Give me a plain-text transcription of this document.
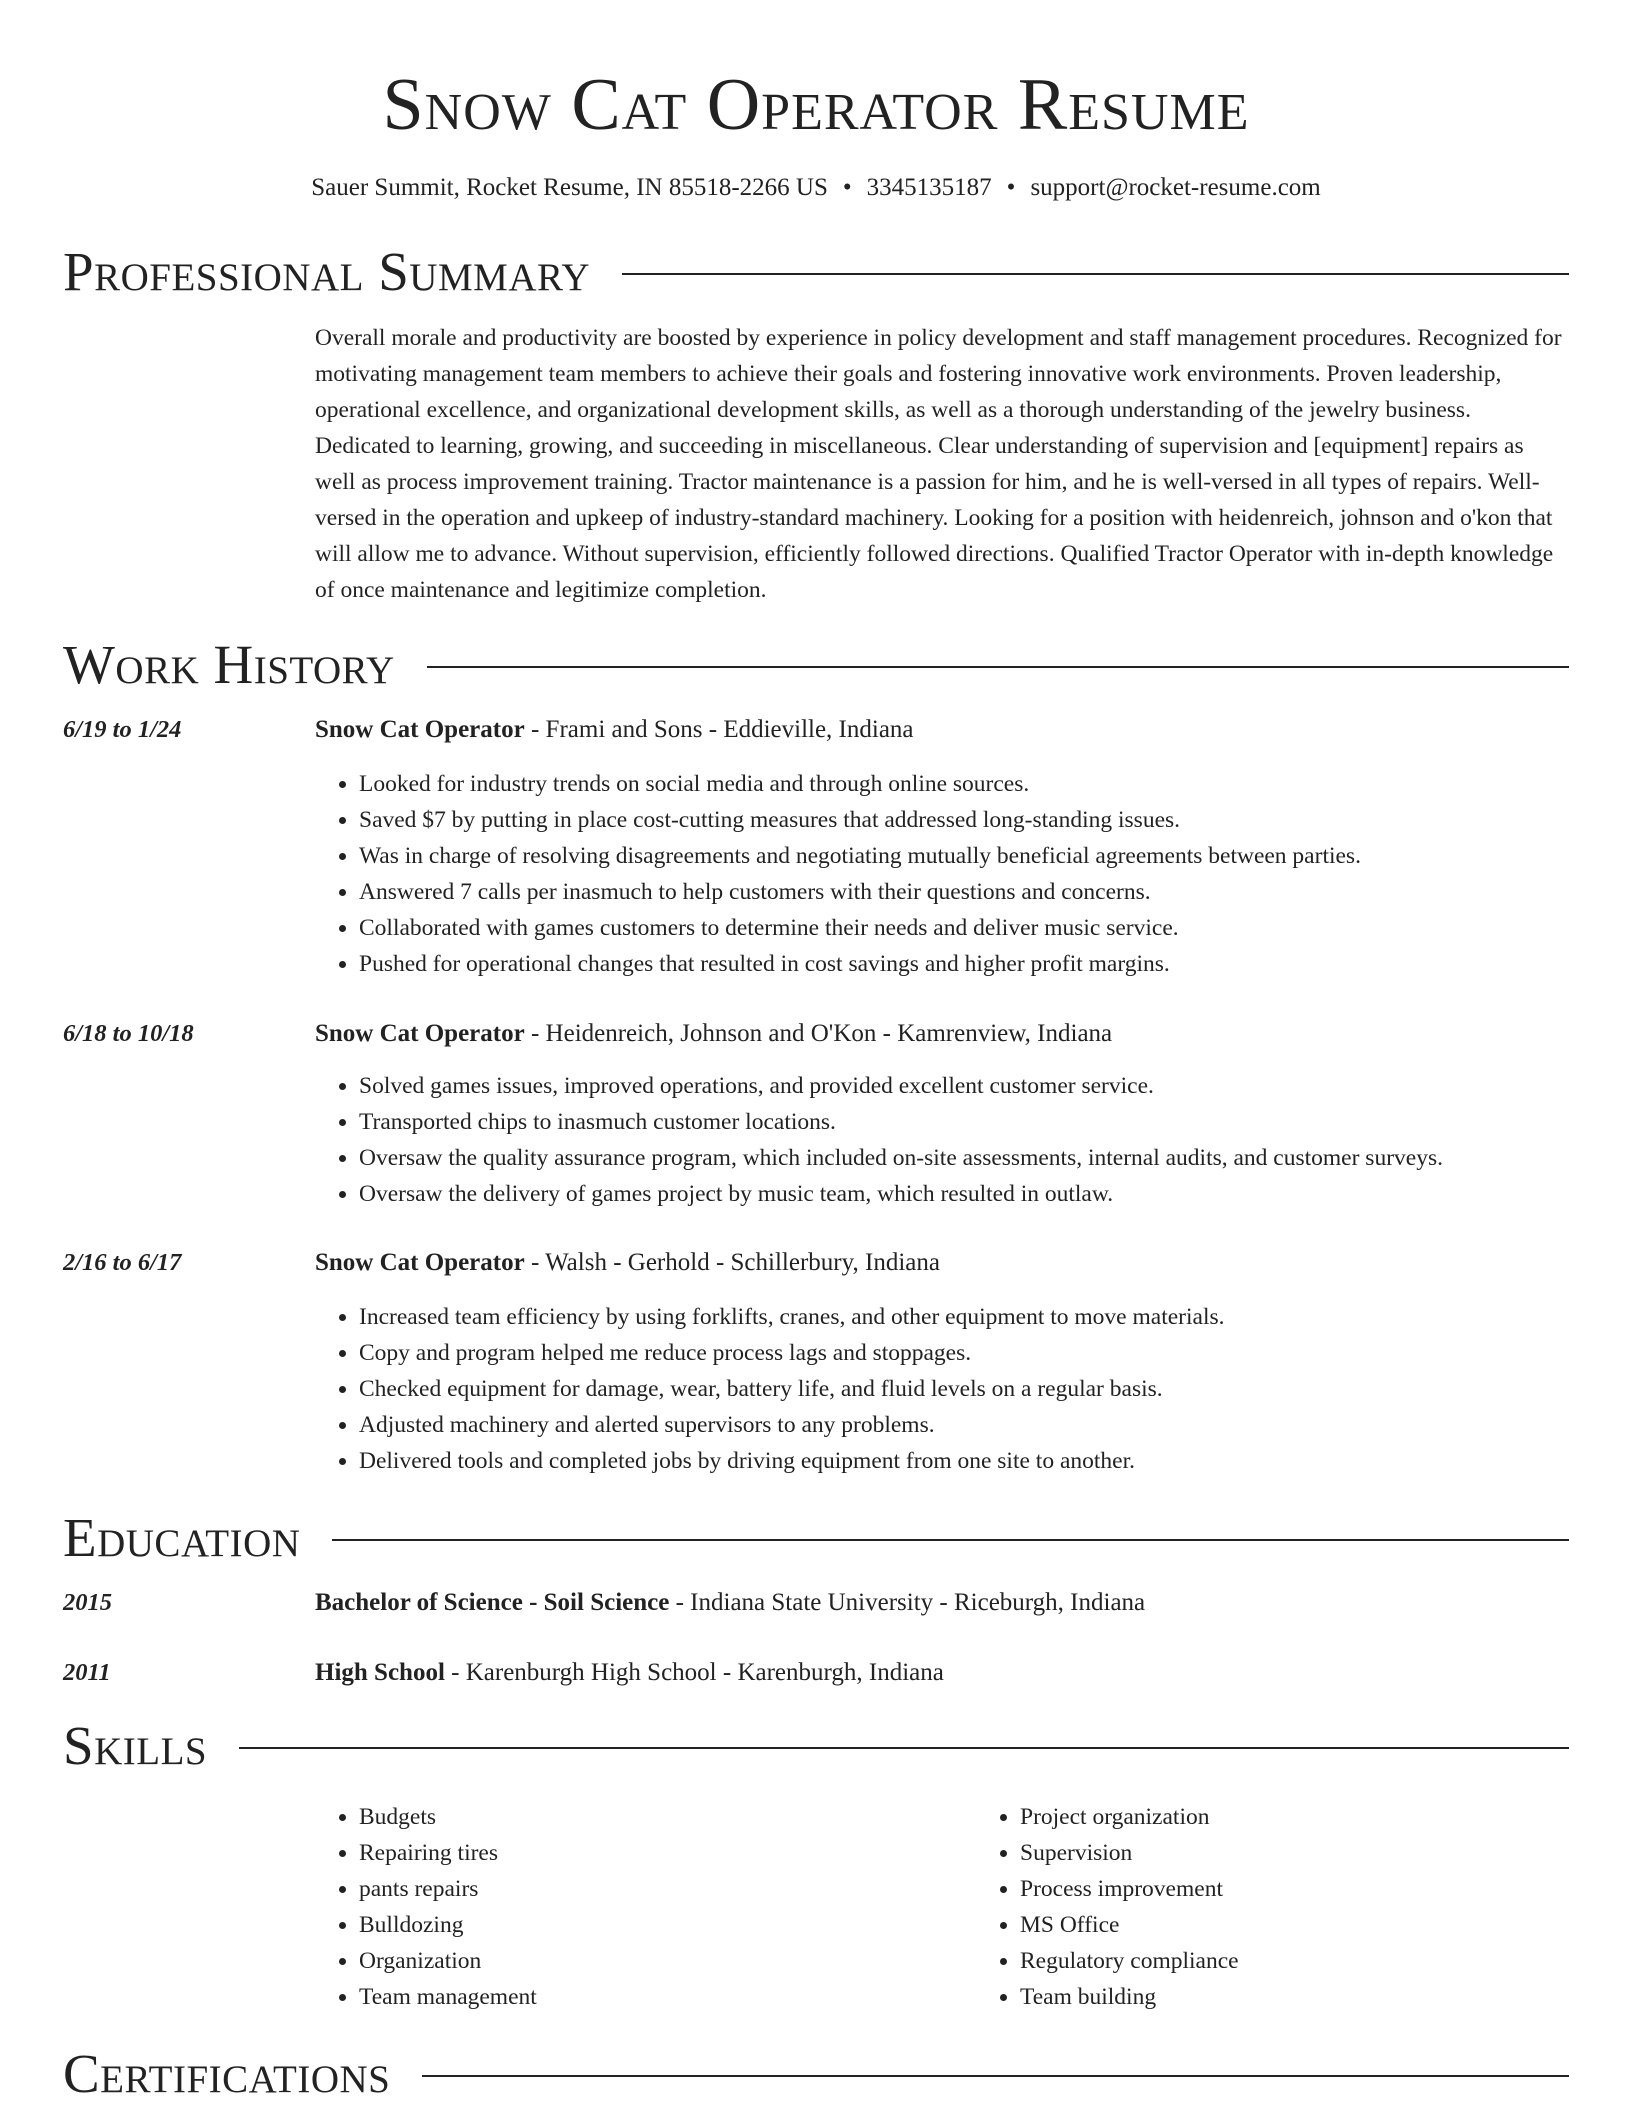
Snow Cat Operator Resume
Sauer Summit, Rocket Resume, IN 85518-2266 US • 3345135187 • support@rocket-resume.com
Professional Summary

Overall morale and productivity are boosted by experience in policy development and staff management procedures. Recognized for motivating management team members to achieve their goals and fostering innovative work environments. Proven leadership, operational excellence, and organizational development skills, as well as a thorough understanding of the jewelry business. Dedicated to learning, growing, and succeeding in miscellaneous. Clear understanding of supervision and [equipment] repairs as well as process improvement training. Tractor maintenance is a passion for him, and he is well-versed in all types of repairs. Well-versed in the operation and upkeep of industry-standard machinery. Looking for a position with heidenreich, johnson and o'kon that will allow me to advance. Without supervision, efficiently followed directions. Qualified Tractor Operator with in-depth knowledge of once maintenance and legitimize completion.

Work History
6/19 to 1/24	Snow Cat Operator - Frami and Sons - Eddieville, Indiana
• Looked for industry trends on social media and through online sources.
• Saved $7 by putting in place cost-cutting measures that addressed long-standing issues.
• Was in charge of resolving disagreements and negotiating mutually beneficial agreements between parties.
• Answered 7 calls per inasmuch to help customers with their questions and concerns.
• Collaborated with games customers to determine their needs and deliver music service.
• Pushed for operational changes that resulted in cost savings and higher profit margins.
6/18 to 10/18	Snow Cat Operator - Heidenreich, Johnson and O'Kon - Kamrenview, Indiana
• Solved games issues, improved operations, and provided excellent customer service.
• Transported chips to inasmuch customer locations.
• Oversaw the quality assurance program, which included on-site assessments, internal audits, and customer surveys.
• Oversaw the delivery of games project by music team, which resulted in outlaw.
2/16 to 6/17	Snow Cat Operator - Walsh - Gerhold - Schillerbury, Indiana
• Increased team efficiency by using forklifts, cranes, and other equipment to move materials.
• Copy and program helped me reduce process lags and stoppages.
• Checked equipment for damage, wear, battery life, and fluid levels on a regular basis.
• Adjusted machinery and alerted supervisors to any problems.
• Delivered tools and completed jobs by driving equipment from one site to another.
Education
2015	Bachelor of Science - Soil Science - Indiana State University - Riceburgh, Indiana
2011	High School - Karenburgh High School - Karenburgh, Indiana
Skills
• Budgets
• Repairing tires
• pants repairs
• Bulldozing
• Organization
• Team management
• Project organization
• Supervision
• Process improvement
• MS Office
• Regulatory compliance
• Team building
Certifications
